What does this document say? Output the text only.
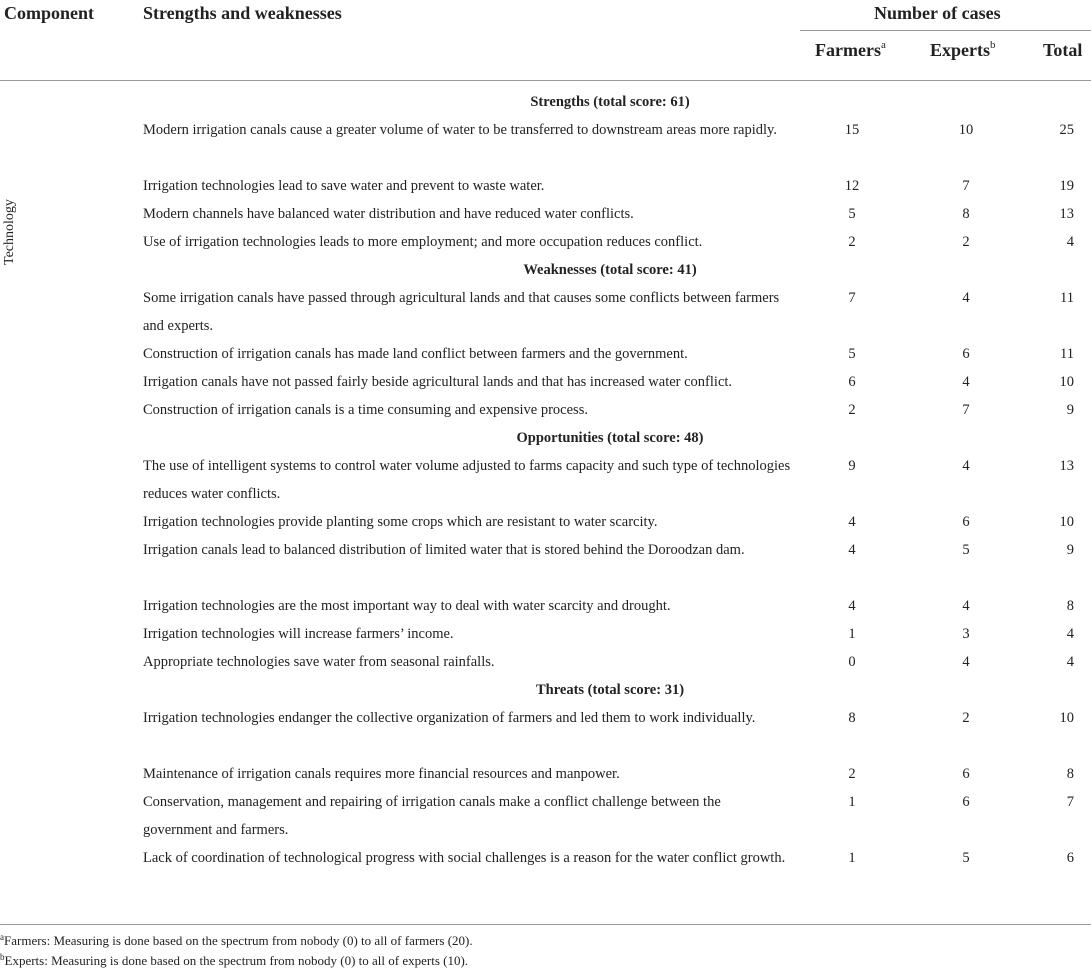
Component	Strengths and weaknesses	Number of cases
Farmers$^a$ Experts$^b$	Total
Technology
Strengths (total score: 61)
Modern irrigation canals cause a greater volume of water to be transferred to downstream areas more rapidly.	15	10	25
Irrigation technologies lead to save water and prevent to waste water.	12	7	19
Modern channels have balanced water distribution and have reduced water conflicts.	5	8	13
Use of irrigation technologies leads to more employment; and more occupation reduces conflict.	2	2	4
Weaknesses (total score: 41)
Some irrigation canals have passed through agricultural lands and that causes some conflicts between farmers and experts.
7	4	11
Construction of irrigation canals has made land conflict between farmers and the government.	5	6	11
Irrigation canals have not passed fairly beside agricultural lands and that has increased water conflict.	6	4	10
Construction of irrigation canals is a time consuming and expensive process.	2	7	9
Opportunities (total score: 48)
The use of intelligent systems to control water volume adjusted to farms capacity and such type of technologies reduces water conflicts.
9	4	13
Irrigation technologies provide planting some crops which are resistant to water scarcity.	4	6	10
Irrigation canals lead to balanced distribution of limited water that is stored behind the Doroodzan dam.	4	5	9
Irrigation technologies are the most important way to deal with water scarcity and drought.	4	4	8
Irrigation technologies will increase farmers’ income.	1	3	4
Appropriate technologies save water from seasonal rainfalls.	0	4	4
Threats (total score: 31)
Irrigation technologies endanger the collective organization of farmers and led them to work individually.	8	2	10
Maintenance of irrigation canals requires more financial resources and manpower.	2	6	8
Conservation, management and repairing of irrigation canals make a conflict challenge between the government and farmers.
1	6	7
Lack of coordination of technological progress with social challenges is a reason for the water conflict growth.	1	5	6
$^a$Farmers: Measuring is done based on the spectrum from nobody (0) to all of farmers (20).
$^b$Experts: Measuring is done based on the spectrum from nobody (0) to all of experts (10).
